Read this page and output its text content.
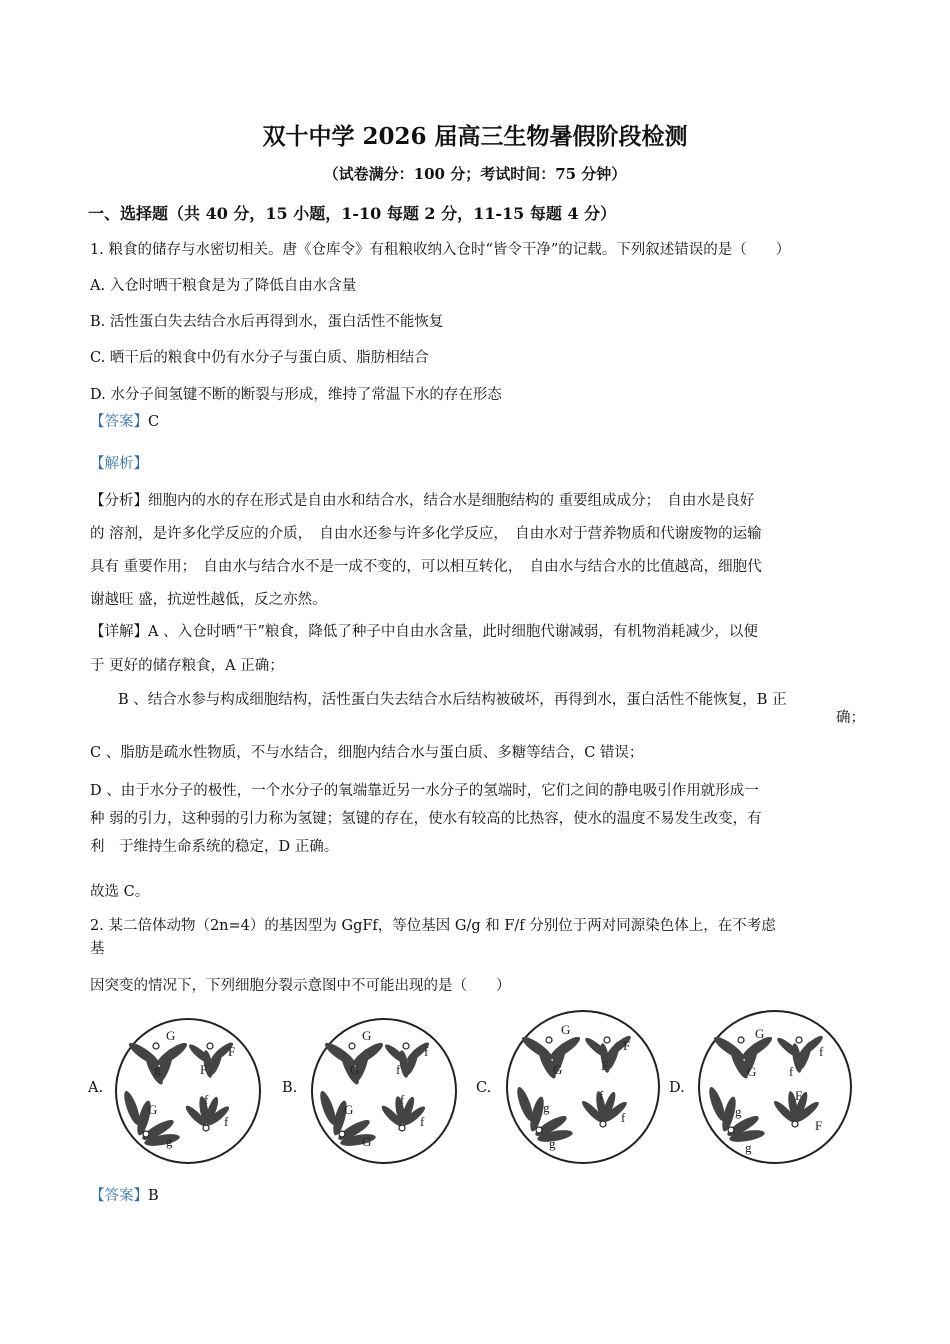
双十中学 2026 届高三生物暑假阶段检测
（试卷满分：100 分；考试时间：75 分钟）
一、选择题（共 40 分，15 小题，1-10 每题 2 分，11-15 每题 4 分）
1. 粮食的储存与水密切相关。唐《仓库令》有租粮收纳入仓时“皆令干净”的记载。下列叙述错误的是（　　）
A. 入仓时晒干粮食是为了降低自由水含量
B. 活性蛋白失去结合水后再得到水，蛋白活性不能恢复
C. 晒干后的粮食中仍有水分子与蛋白质、脂肪相结合
D. 水分子间氢键不断的断裂与形成，维持了常温下水的存在形态
【答案】C
【解析】
【分析】细胞内的水的存在形式是自由水和结合水，结合水是细胞结构的 重要组成成分；　自由水是良好
的 溶剂，是许多化学反应的介质，　自由水还参与许多化学反应，　自由水对于营养物质和代谢废物的运输
具有 重要作用；　自由水与结合水不是一成不变的，可以相互转化，　自由水与结合水的比值越高，细胞代
谢越旺 盛，抗逆性越低，反之亦然。
【详解】A 、入仓时晒“干”粮食，降低了种子中自由水含量，此时细胞代谢减弱，有机物消耗减少，以便
于 更好的储存粮食，A 正确；
B 、结合水参与构成细胞结构，活性蛋白失去结合水后结构被破坏，再得到水，蛋白活性不能恢复，B 正
确；
C 、脂肪是疏水性物质，不与水结合，细胞内结合水与蛋白质、多糖等结合，C 错误；
D 、由于水分子的极性，一个水分子的氧端靠近另一水分子的氢端时，它们之间的静电吸引作用就形成一
种 弱的引力，这种弱的引力称为氢键；氢键的存在，使水有较高的比热容，使水的温度不易发生改变，有
利　于维持生命系统的稳定，D 正确。
故选 C。
2. 某二倍体动物（2n=4）的基因型为 GgFf，等位基因 G/g 和 F/f 分别位于两对同源染色体上，在不考虑
基
因突变的情况下，下列细胞分裂示意图中不可能出现的是（　　）
A.	B.	C.	D.
G
g
F
F
G
g
f
f
G
G
f
f
G
G
f
f
G
G
F
F
g
g
f
f
G
G
f
f
g
g
F
F
【答案】B
